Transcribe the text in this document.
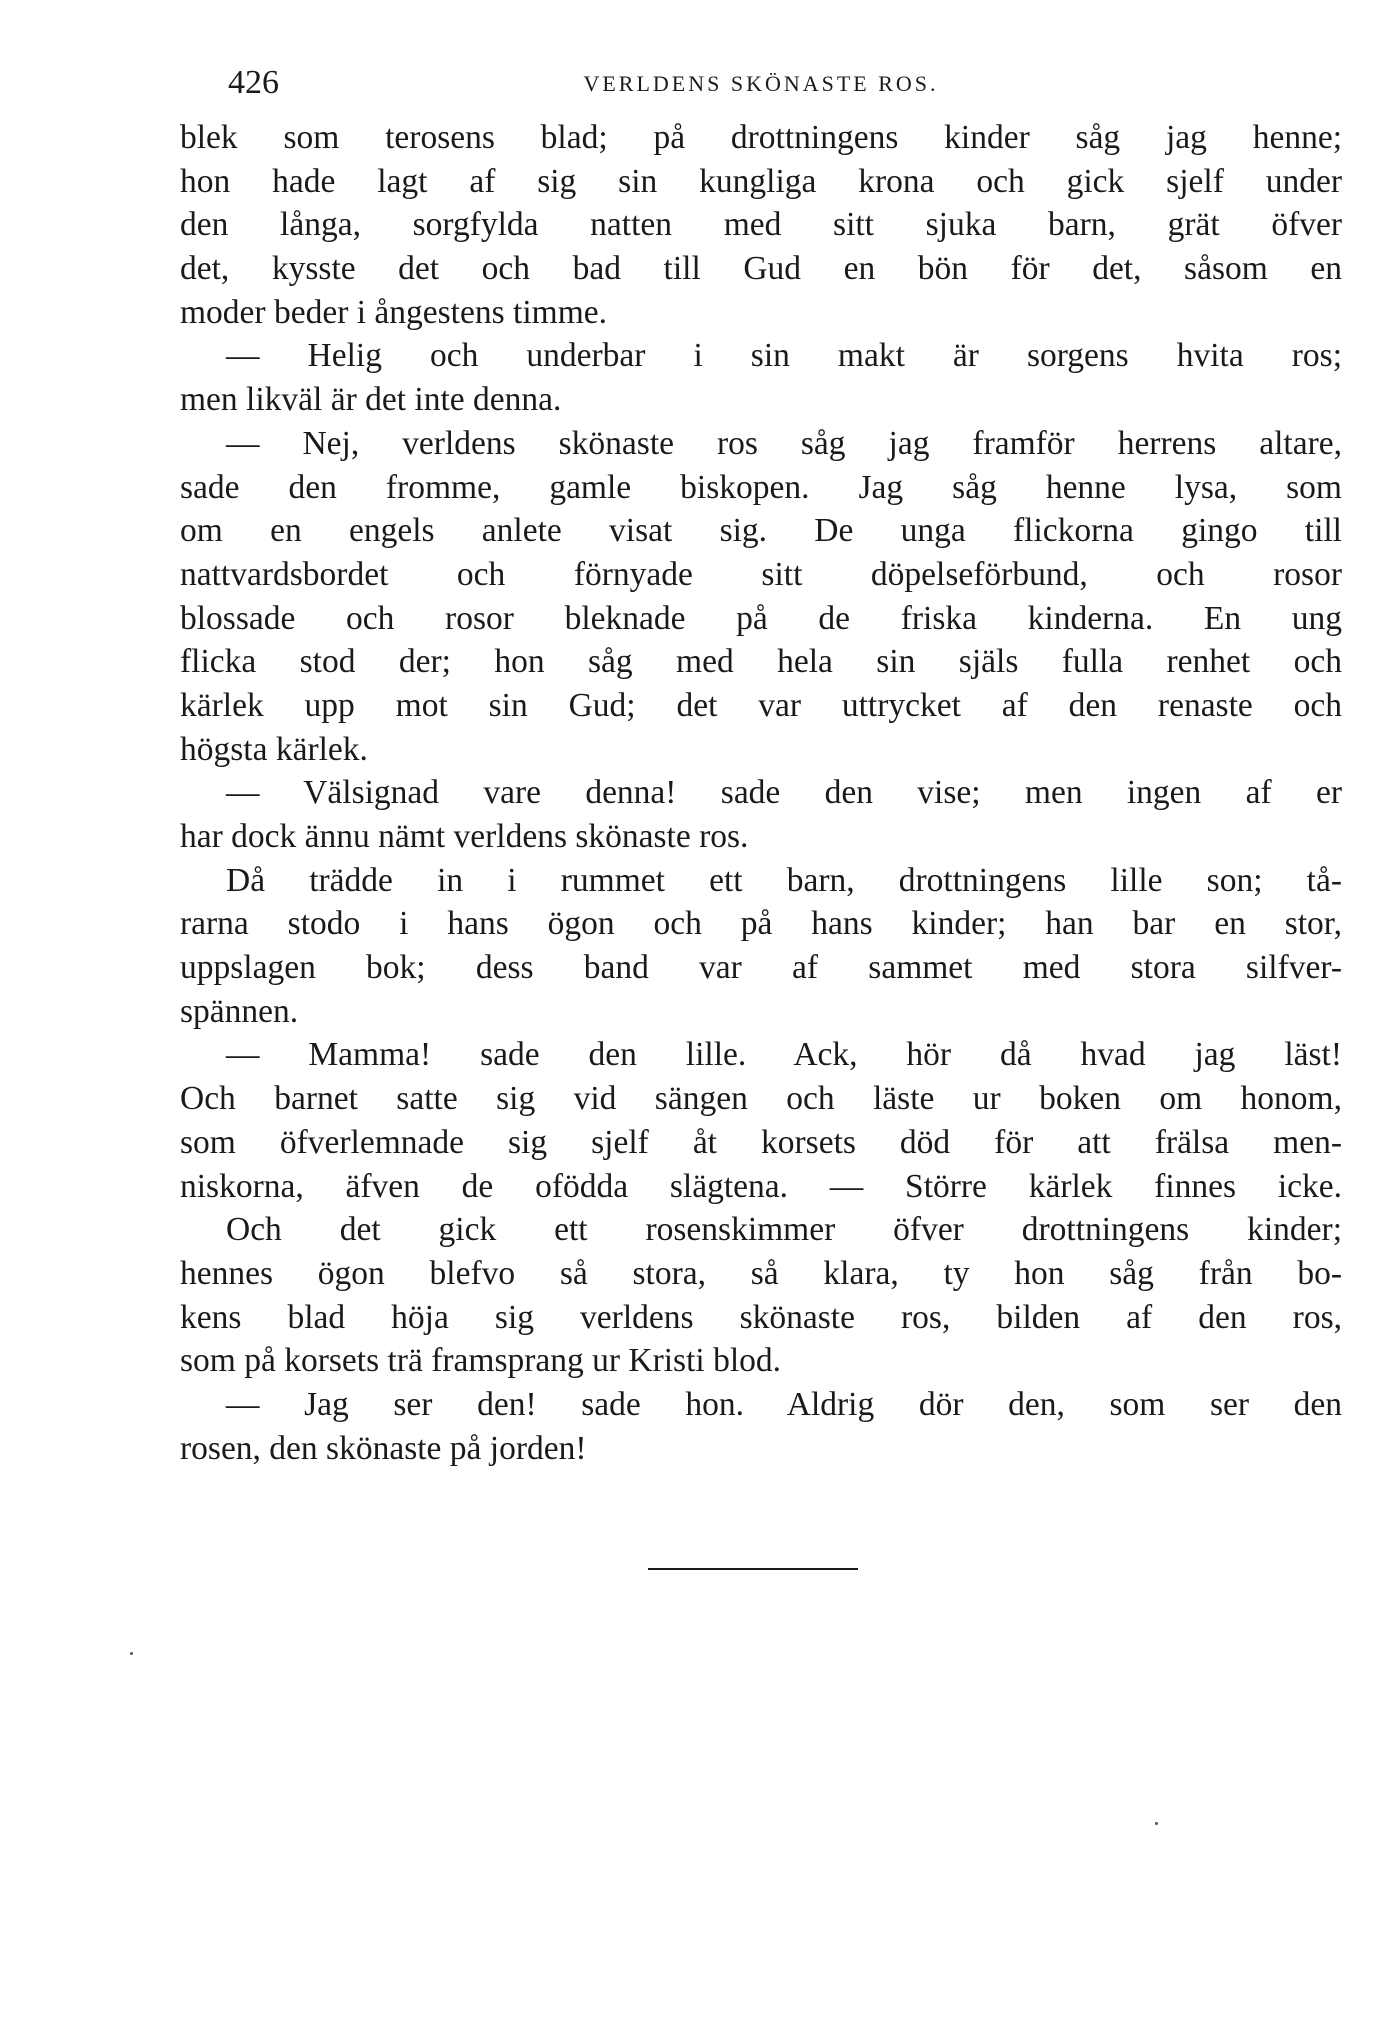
426	VERLDENS SKÖNASTE ROS.
blek som terosens blad; på drottningens kinder såg jag henne;
hon hade lagt af sig sin kungliga krona och gick sjelf under
den långa, sorgfylda natten med sitt sjuka barn, grät öfver
det, kysste det och bad till Gud en bön för det, såsom en
moder beder i ångestens timme.
— Helig och underbar i sin makt är sorgens hvita ros;
men likväl är det inte denna.
— Nej, verldens skönaste ros såg jag framför herrens altare,
sade den fromme, gamle biskopen. Jag såg henne lysa, som
om en engels anlete visat sig. De unga flickorna gingo till
nattvardsbordet och förnyade sitt döpelseförbund, och rosor
blossade och rosor bleknade på de friska kinderna. En ung
flicka stod der; hon såg med hela sin själs fulla renhet och
kärlek upp mot sin Gud; det var uttrycket af den renaste och
högsta kärlek.
— Välsignad vare denna! sade den vise; men ingen af er
har dock ännu nämt verldens skönaste ros.
Då trädde in i rummet ett barn, drottningens lille son; tå-
rarna stodo i hans ögon och på hans kinder; han bar en stor,
uppslagen bok; dess band var af sammet med stora silfver-
spännen.
— Mamma! sade den lille. Ack, hör då hvad jag läst!
Och barnet satte sig vid sängen och läste ur boken om honom,
som öfverlemnade sig sjelf åt korsets död för att frälsa men-
niskorna, äfven de ofödda slägtena. — Större kärlek finnes icke.
Och det gick ett rosenskimmer öfver drottningens kinder;
hennes ögon blefvo så stora, så klara, ty hon såg från bo-
kens blad höja sig verldens skönaste ros, bilden af den ros,
som på korsets trä framsprang ur Kristi blod.
— Jag ser den! sade hon. Aldrig dör den, som ser den
rosen, den skönaste på jorden!
